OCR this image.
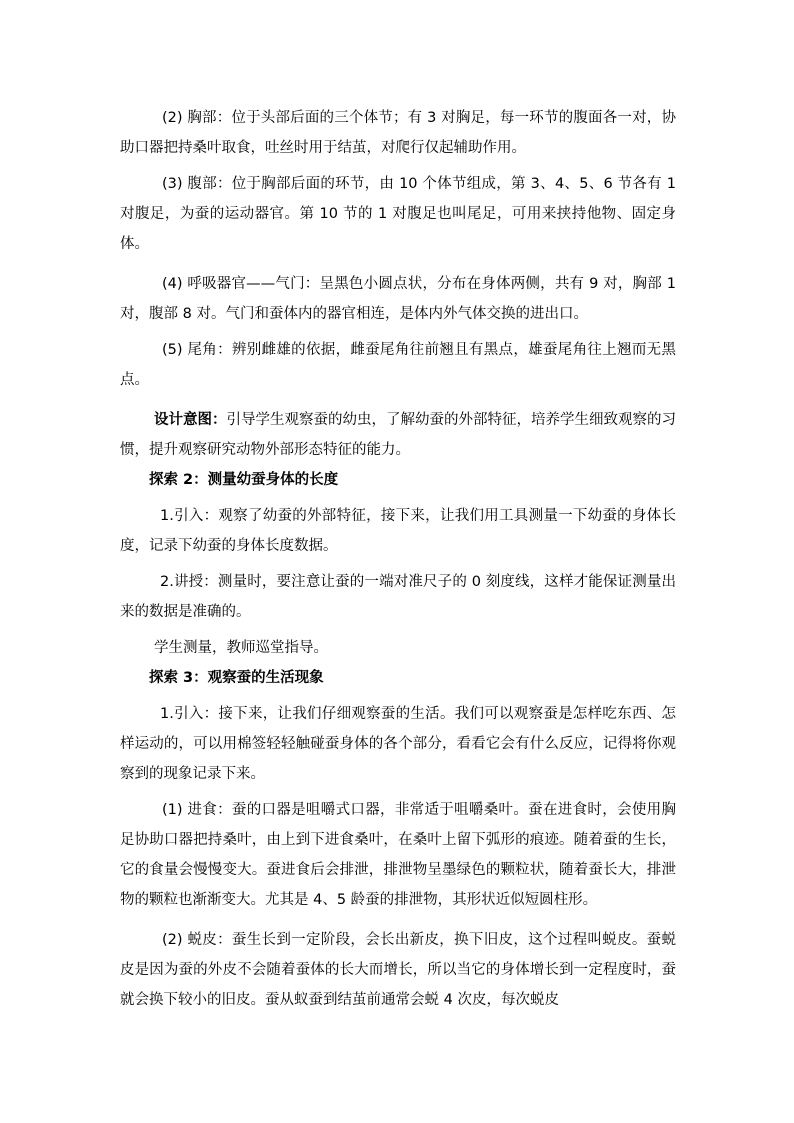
(2) 胸部：位于头部后面的三个体节；有 3 对胸足，每一环节的腹面各一对，协助口器把持桑叶取食，吐丝时用于结茧，对爬行仅起辅助作用。

(3) 腹部：位于胸部后面的环节，由 10 个体节组成，第 3、4、5、6 节各有 1 对腹足，为蚕的运动器官。第 10 节的 1 对腹足也叫尾足，可用来挟持他物、固定身体。

(4) 呼吸器官——气门：呈黑色小圆点状，分布在身体两侧，共有 9 对，胸部 1 对，腹部 8 对。气门和蚕体内的器官相连，是体内外气体交换的进出口。

(5) 尾角：辨别雌雄的依据，雌蚕尾角往前翘且有黑点，雄蚕尾角往上翘而无黑点。

设计意图：引导学生观察蚕的幼虫，了解幼蚕的外部特征，培养学生细致观察的习惯，提升观察研究动物外部形态特征的能力。

探索 2：测量幼蚕身体的长度

1.引入：观察了幼蚕的外部特征，接下来，让我们用工具测量一下幼蚕的身体长度，记录下幼蚕的身体长度数据。

2.讲授：测量时，要注意让蚕的一端对准尺子的 0 刻度线，这样才能保证测量出来的数据是准确的。

学生测量，教师巡堂指导。

探索 3：观察蚕的生活现象

1.引入：接下来，让我们仔细观察蚕的生活。我们可以观察蚕是怎样吃东西、怎样运动的，可以用棉签轻轻触碰蚕身体的各个部分，看看它会有什么反应，记得将你观察到的现象记录下来。

(1) 进食：蚕的口器是咀嚼式口器，非常适于咀嚼桑叶。蚕在进食时，会使用胸足协助口器把持桑叶，由上到下进食桑叶，在桑叶上留下弧形的痕迹。随着蚕的生长，它的食量会慢慢变大。蚕进食后会排泄，排泄物呈墨绿色的颗粒状，随着蚕长大，排泄物的颗粒也渐渐变大。尤其是 4、5 龄蚕的排泄物，其形状近似短圆柱形。

(2) 蜕皮：蚕生长到一定阶段，会长出新皮，换下旧皮，这个过程叫蜕皮。蚕蜕皮是因为蚕的外皮不会随着蚕体的长大而增长，所以当它的身体增长到一定程度时，蚕就会换下较小的旧皮。蚕从蚁蚕到结茧前通常会蜕 4 次皮，每次蜕皮
